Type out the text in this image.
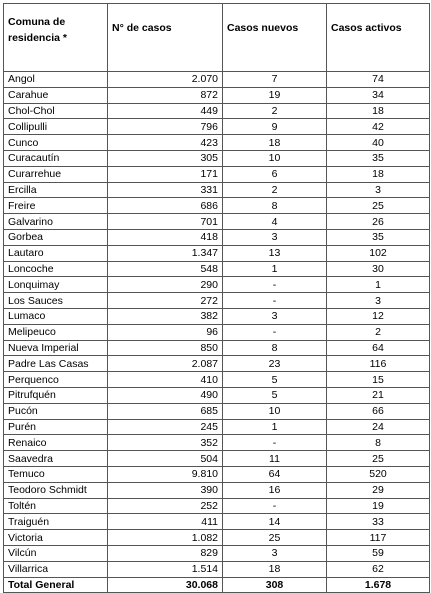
Comuna de residencia *	N° de casos	Casos nuevos	Casos activos
Angol	2.070	7	74
Carahue	872	19	34
Chol-Chol	449	2	18
Collipulli	796	9	42
Cunco	423	18	40
Curacautín	305	10	35
Curarrehue	171	6	18
Ercilla	331	2	3
Freire	686	8	25
Galvarino	701	4	26
Gorbea	418	3	35
Lautaro	1.347	13	102
Loncoche	548	1	30
Lonquimay	290	-	1
Los Sauces	272	-	3
Lumaco	382	3	12
Melipeuco	96	-	2
Nueva Imperial	850	8	64
Padre Las Casas	2.087	23	116
Perquenco	410	5	15
Pitrufquén	490	5	21
Pucón	685	10	66
Purén	245	1	24
Renaico	352	-	8
Saavedra	504	11	25
Temuco	9.810	64	520
Teodoro Schmidt	390	16	29
Toltén	252	-	19
Traiguén	411	14	33
Victoria	1.082	25	117
Vilcún	829	3	59
Villarrica	1.514	18	62
Total General	30.068	308	1.678
